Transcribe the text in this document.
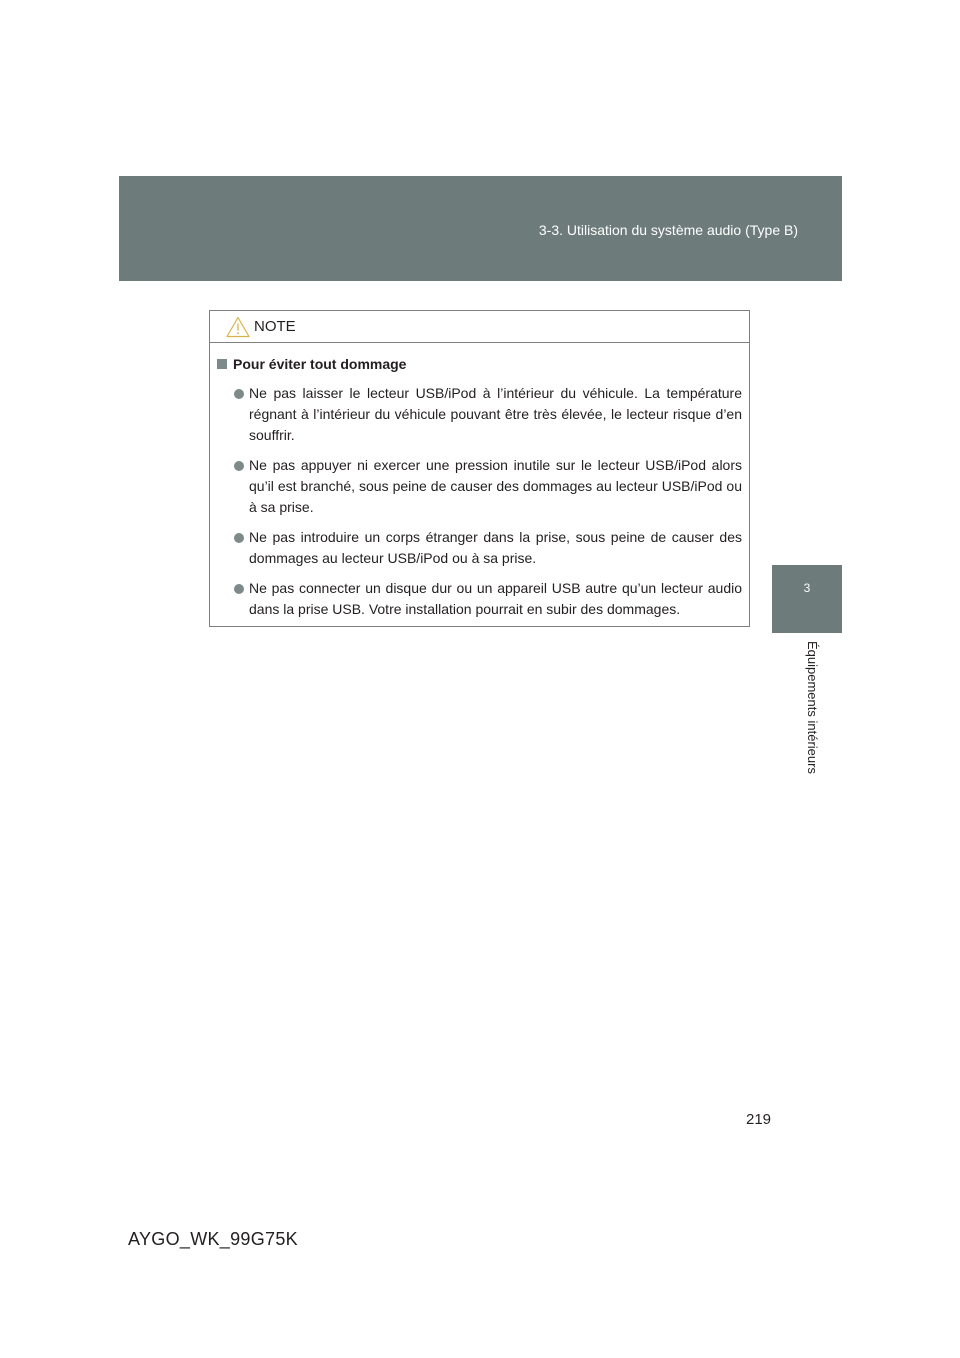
3-3. Utilisation du système audio (Type B)
3
Équipements intérieurs
NOTE
Pour éviter tout dommage
Ne pas laisser le lecteur USB/iPod à l’intérieur du véhicule. La température régnant à l’intérieur du véhicule pouvant être très élevée, le lecteur risque d’en souffrir.
Ne pas appuyer ni exercer une pression inutile sur le lecteur USB/iPod alors qu’il est branché, sous peine de causer des dommages au lecteur USB/iPod ou à sa prise.
Ne pas introduire un corps étranger dans la prise, sous peine de causer des dommages au lecteur USB/iPod ou à sa prise.
Ne pas connecter un disque dur ou un appareil USB autre qu’un lecteur audio dans la prise USB. Votre installation pourrait en subir des dommages.
219
AYGO_WK_99G75K
